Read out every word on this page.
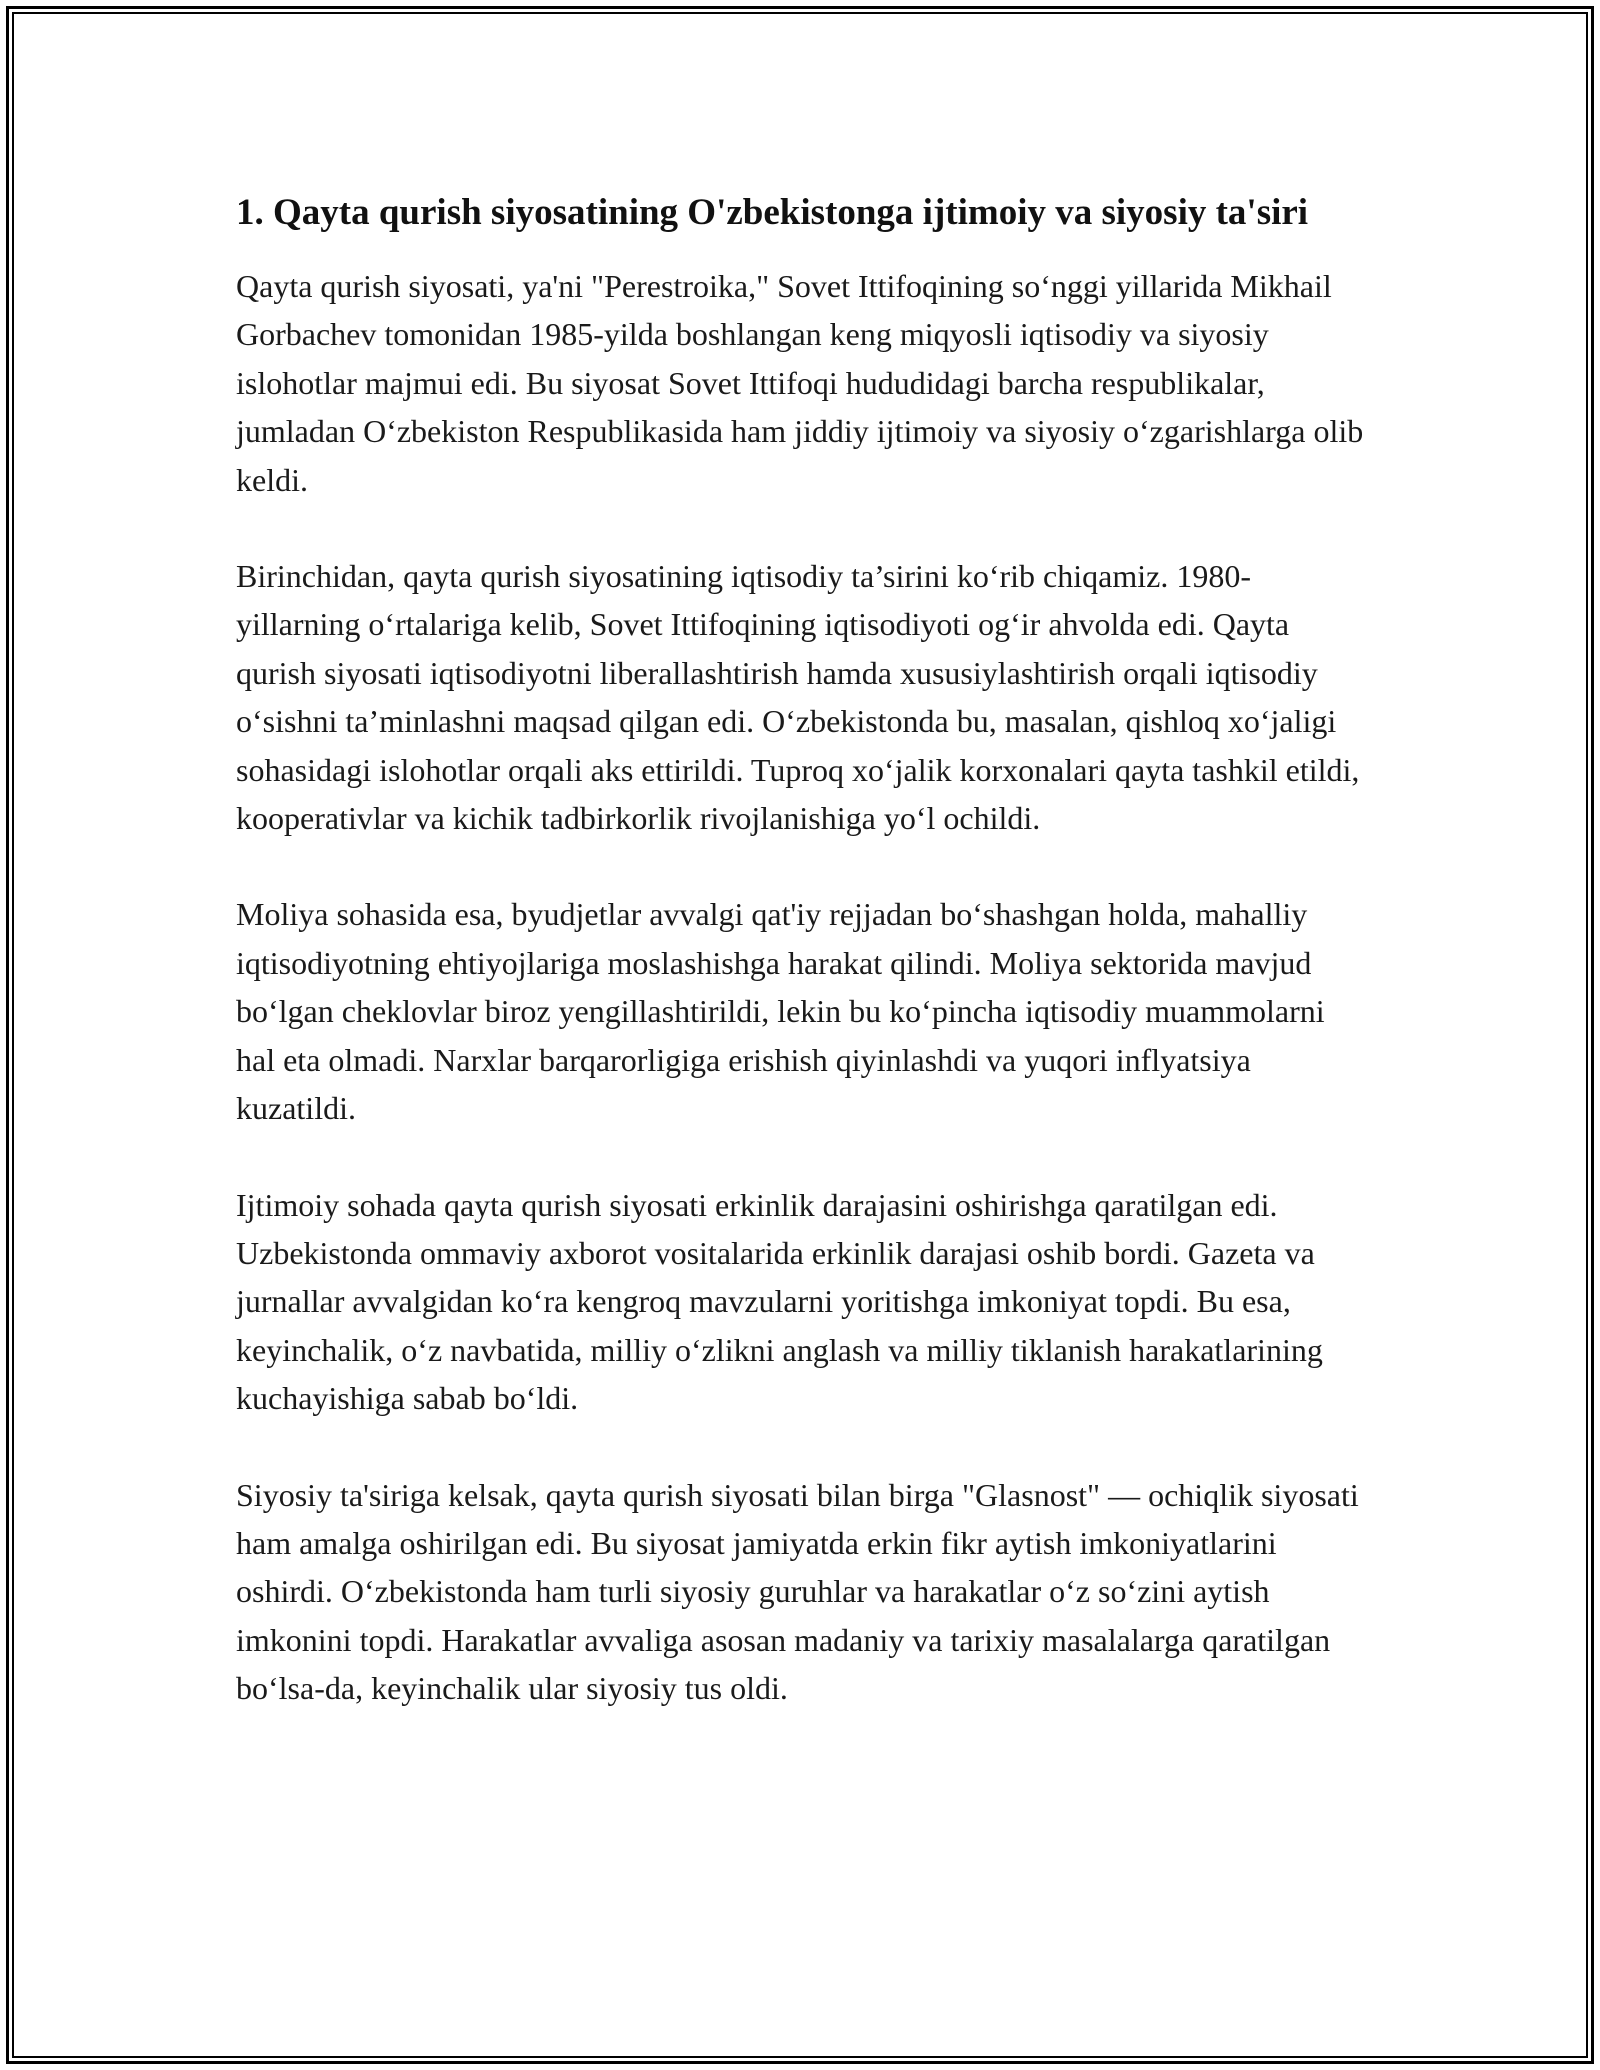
1. Qayta qurish siyosatining O'zbekistonga ijtimoiy va siyosiy ta'siri

Qayta qurish siyosati, ya'ni "Perestroika," Sovet Ittifoqining so‘nggi yillarida Mikhail Gorbachev tomonidan 1985-yilda boshlangan keng miqyosli iqtisodiy va siyosiy islohotlar majmui edi. Bu siyosat Sovet Ittifoqi hududidagi barcha respublikalar, jumladan O‘zbekiston Respublikasida ham jiddiy ijtimoiy va siyosiy o‘zgarishlarga olib keldi.

Birinchidan, qayta qurish siyosatining iqtisodiy ta’sirini ko‘rib chiqamiz. 1980-yillarning o‘rtalariga kelib, Sovet Ittifoqining iqtisodiyoti og‘ir ahvolda edi. Qayta qurish siyosati iqtisodiyotni liberallashtirish hamda xususiylashtirish orqali iqtisodiy o‘sishni ta’minlashni maqsad qilgan edi. O‘zbekistonda bu, masalan, qishloq xo‘jaligi sohasidagi islohotlar orqali aks ettirildi. Tuproq xo‘jalik korxonalari qayta tashkil etildi, kooperativlar va kichik tadbirkorlik rivojlanishiga yo‘l ochildi.

Moliya sohasida esa, byudjetlar avvalgi qat'iy rejjadan bo‘shashgan holda, mahalliy iqtisodiyotning ehtiyojlariga moslashishga harakat qilindi. Moliya sektorida mavjud bo‘lgan cheklovlar biroz yengillashtirildi, lekin bu ko‘pincha iqtisodiy muammolarni hal eta olmadi. Narxlar barqarorligiga erishish qiyinlashdi va yuqori inflyatsiya kuzatildi.

Ijtimoiy sohada qayta qurish siyosati erkinlik darajasini oshirishga qaratilgan edi. Uzbekistonda ommaviy axborot vositalarida erkinlik darajasi oshib bordi. Gazeta va jurnallar avvalgidan ko‘ra kengroq mavzularni yoritishga imkoniyat topdi. Bu esa, keyinchalik, o‘z navbatida, milliy o‘zlikni anglash va milliy tiklanish harakatlarining kuchayishiga sabab bo‘ldi.

Siyosiy ta'siriga kelsak, qayta qurish siyosati bilan birga "Glasnost" — ochiqlik siyosati ham amalga oshirilgan edi. Bu siyosat jamiyatda erkin fikr aytish imkoniyatlarini oshirdi. O‘zbekistonda ham turli siyosiy guruhlar va harakatlar o‘z so‘zini aytish imkonini topdi. Harakatlar avvaliga asosan madaniy va tarixiy masalalarga qaratilgan bo‘lsa-da, keyinchalik ular siyosiy tus oldi.
